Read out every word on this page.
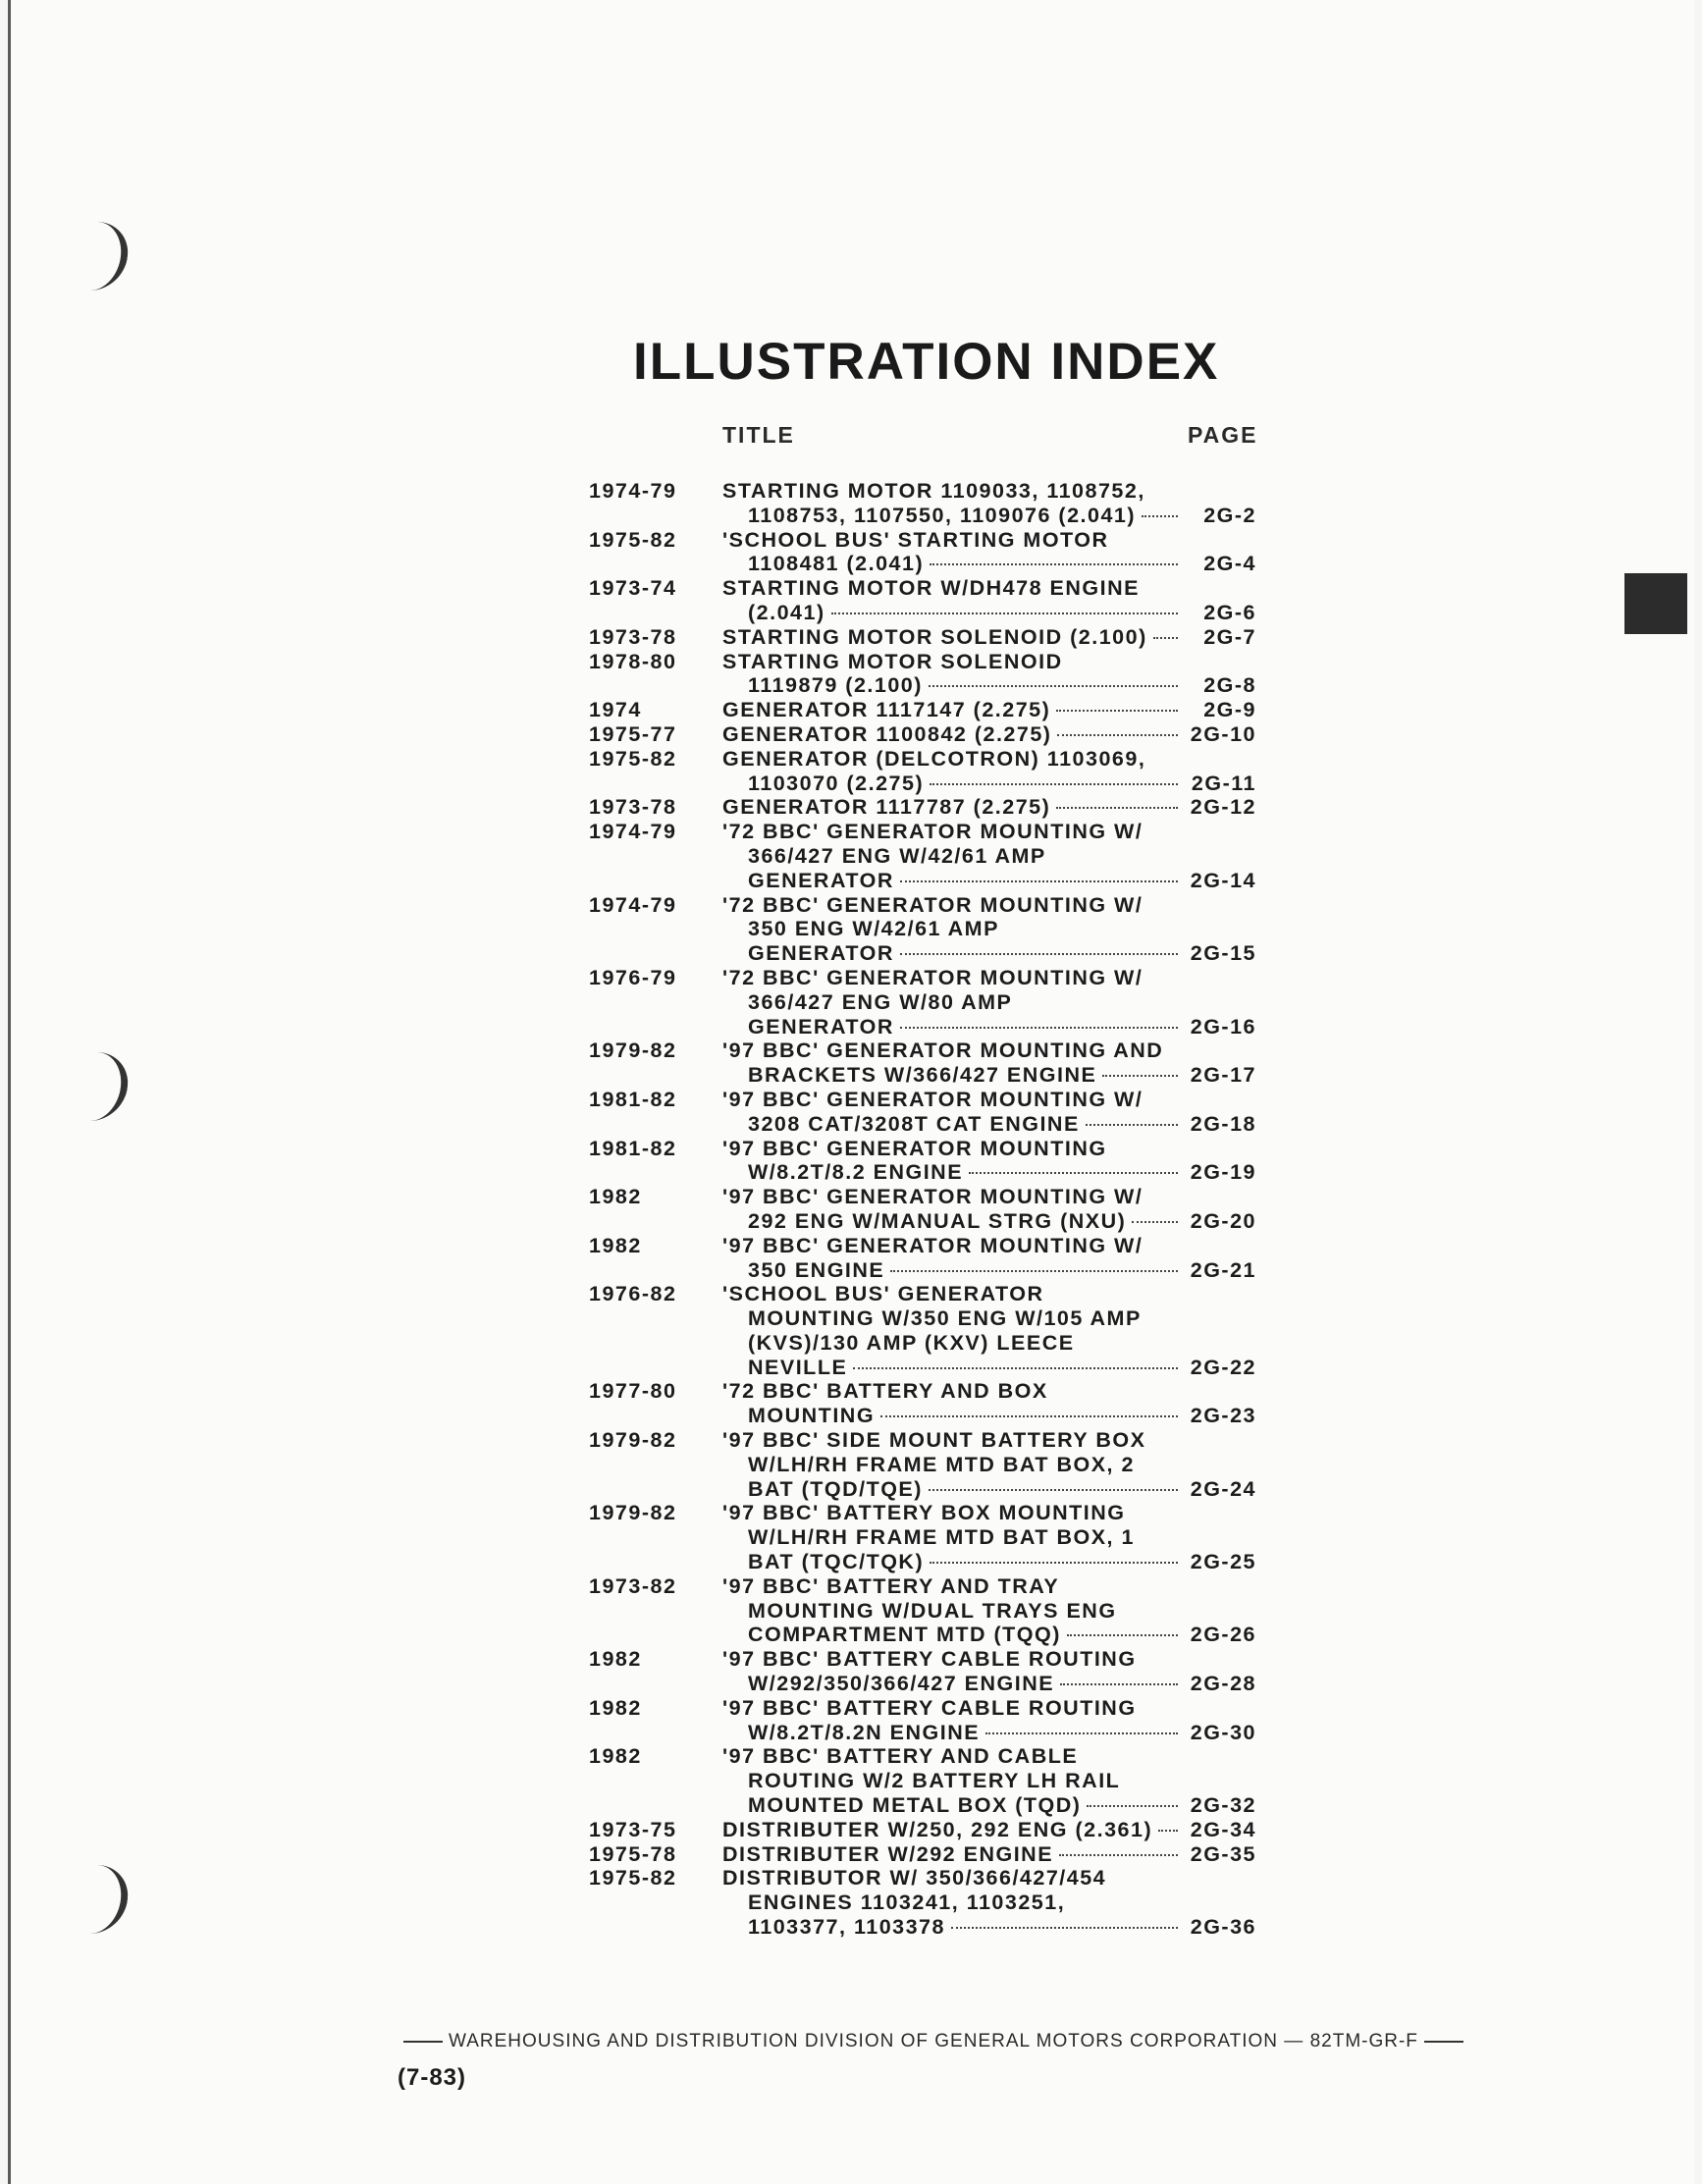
ILLUSTRATION INDEX
TITLE	PAGE
1974-79	STARTING MOTOR 1109033, 1108752,
1108753, 1107550, 1109076 (2.041)	2G-2
1975-82	'SCHOOL BUS' STARTING MOTOR
1108481 (2.041)	2G-4
1973-74	STARTING MOTOR W/DH478 ENGINE
(2.041)	2G-6
1973-78	STARTING MOTOR SOLENOID (2.100)	2G-7
1978-80	STARTING MOTOR SOLENOID
1119879 (2.100)	2G-8
1974	GENERATOR 1117147 (2.275)	2G-9
1975-77	GENERATOR 1100842 (2.275)	2G-10
1975-82	GENERATOR (DELCOTRON) 1103069,
1103070 (2.275)	2G-11
1973-78	GENERATOR 1117787 (2.275)	2G-12
1974-79	'72 BBC' GENERATOR MOUNTING W/
366/427 ENG W/42/61 AMP
GENERATOR	2G-14
1974-79	'72 BBC' GENERATOR MOUNTING W/
350 ENG W/42/61 AMP
GENERATOR	2G-15
1976-79	'72 BBC' GENERATOR MOUNTING W/
366/427 ENG W/80 AMP
GENERATOR	2G-16
1979-82	'97 BBC' GENERATOR MOUNTING AND
BRACKETS W/366/427 ENGINE	2G-17
1981-82	'97 BBC' GENERATOR MOUNTING W/
3208 CAT/3208T CAT ENGINE	2G-18
1981-82	'97 BBC' GENERATOR MOUNTING
W/8.2T/8.2 ENGINE	2G-19
1982	'97 BBC' GENERATOR MOUNTING W/
292 ENG W/MANUAL STRG (NXU)	2G-20
1982	'97 BBC' GENERATOR MOUNTING W/
350 ENGINE	2G-21
1976-82	'SCHOOL BUS' GENERATOR
MOUNTING W/350 ENG W/105 AMP
(KVS)/130 AMP (KXV) LEECE
NEVILLE	2G-22
1977-80	'72 BBC' BATTERY AND BOX
MOUNTING	2G-23
1979-82	'97 BBC' SIDE MOUNT BATTERY BOX
W/LH/RH FRAME MTD BAT BOX, 2
BAT (TQD/TQE)	2G-24
1979-82	'97 BBC' BATTERY BOX MOUNTING
W/LH/RH FRAME MTD BAT BOX, 1
BAT (TQC/TQK)	2G-25
1973-82	'97 BBC' BATTERY AND TRAY
MOUNTING W/DUAL TRAYS ENG
COMPARTMENT MTD (TQQ)	2G-26
1982	'97 BBC' BATTERY CABLE ROUTING
W/292/350/366/427 ENGINE	2G-28
1982	'97 BBC' BATTERY CABLE ROUTING
W/8.2T/8.2N ENGINE	2G-30
1982	'97 BBC' BATTERY AND CABLE
ROUTING W/2 BATTERY LH RAIL
MOUNTED METAL BOX (TQD)	2G-32
1973-75	DISTRIBUTER W/250, 292 ENG (2.361)	2G-34
1975-78	DISTRIBUTER W/292 ENGINE	2G-35
1975-82	DISTRIBUTOR W/ 350/366/427/454
ENGINES 1103241, 1103251,
1103377, 1103378	2G-36
WAREHOUSING AND DISTRIBUTION DIVISION OF GENERAL MOTORS CORPORATION — 82TM-GR-F
(7-83)
